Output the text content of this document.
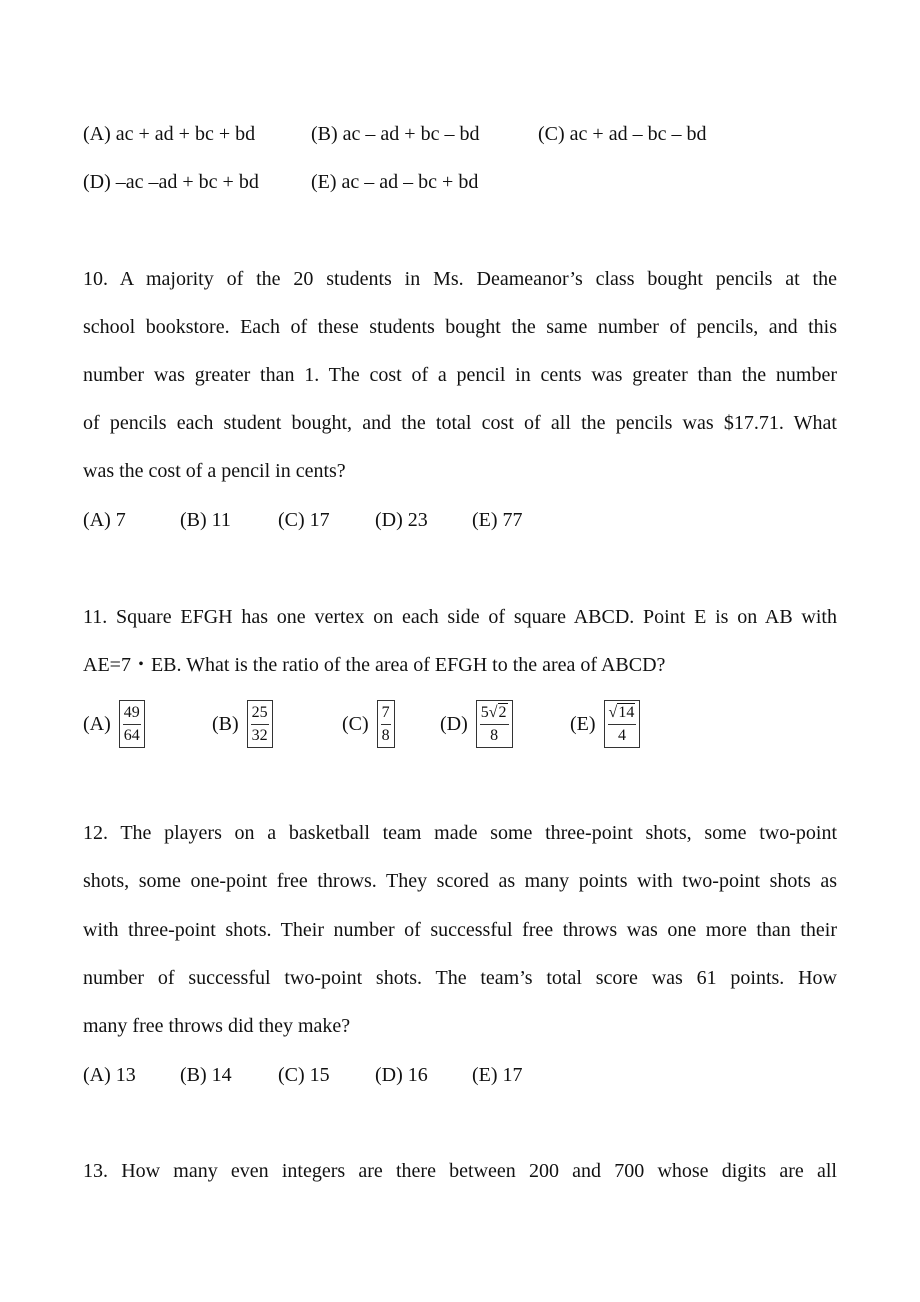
(A) ac + ad + bc + bd	(B) ac – ad + bc – bd	(C) ac + ad – bc – bd
(D) –ac –ad + bc + bd	(E) ac – ad – bc + bd
10. A majority of the 20 students in Ms. Deameanor’s class bought pencils at the
school bookstore. Each of these students bought the same number of pencils, and this
number was greater than 1. The cost of a pencil in cents was greater than the number
of pencils each student bought, and the total cost of all the pencils was $17.71. What
was the cost of a pencil in cents?
(A) 7	(B) 11 (C) 17 (D) 23 (E) 77
11. Square EFGH has one vertex on each side of square ABCD. Point E is on AB with
AE=7・EB. What is the ratio of the area of EFGH to the area of ABCD?
$(A) \frac{49}{64}$	$(B) \frac{25}{32}$	$(C) \frac{7}{8} (D) \frac{5√2}{8}$	$(E) \frac{√14}{4}$
12. The players on a basketball team made some three-point shots, some two-point
shots, some one-point free throws. They scored as many points with two-point shots as
with three-point shots. Their number of successful free throws was one more than their
number of successful two-point shots. The team’s total score was 61 points. How
many free throws did they make?
(A) 13 (B) 14 (C) 15 (D) 16 (E) 17
13. How many even integers are there between 200 and 700 whose digits are all
